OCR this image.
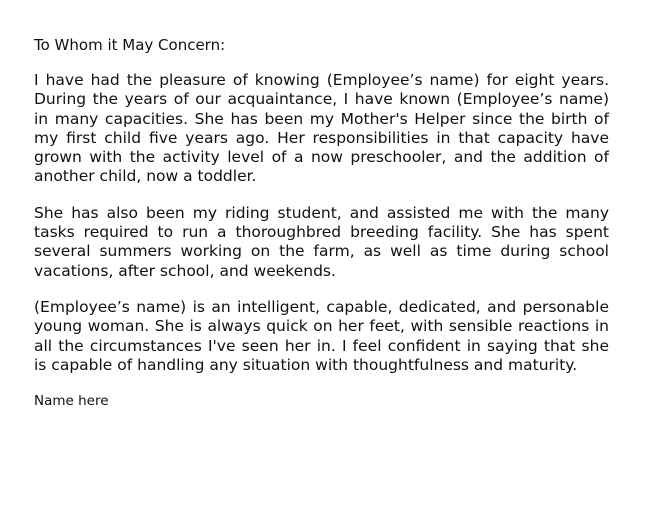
To Whom it May Concern:

I have had the pleasure of knowing (Employee’s name) for eight years. During the years of our acquaintance, I have known (Employee’s name) in many capacities. She has been my Mother's Helper since the birth of my first child five years ago. Her responsibilities in that capacity have grown with the activity level of a now preschooler, and the addition of another child, now a toddler.

She has also been my riding student, and assisted me with the many tasks required to run a thoroughbred breeding facility. She has spent several summers working on the farm, as well as time during school vacations, after school, and weekends.

(Employee’s name) is an intelligent, capable, dedicated, and personable young woman. She is always quick on her feet, with sensible reactions in all the circumstances I've seen her in. I feel confident in saying that she is capable of handling any situation with thoughtfulness and maturity.

Name here
